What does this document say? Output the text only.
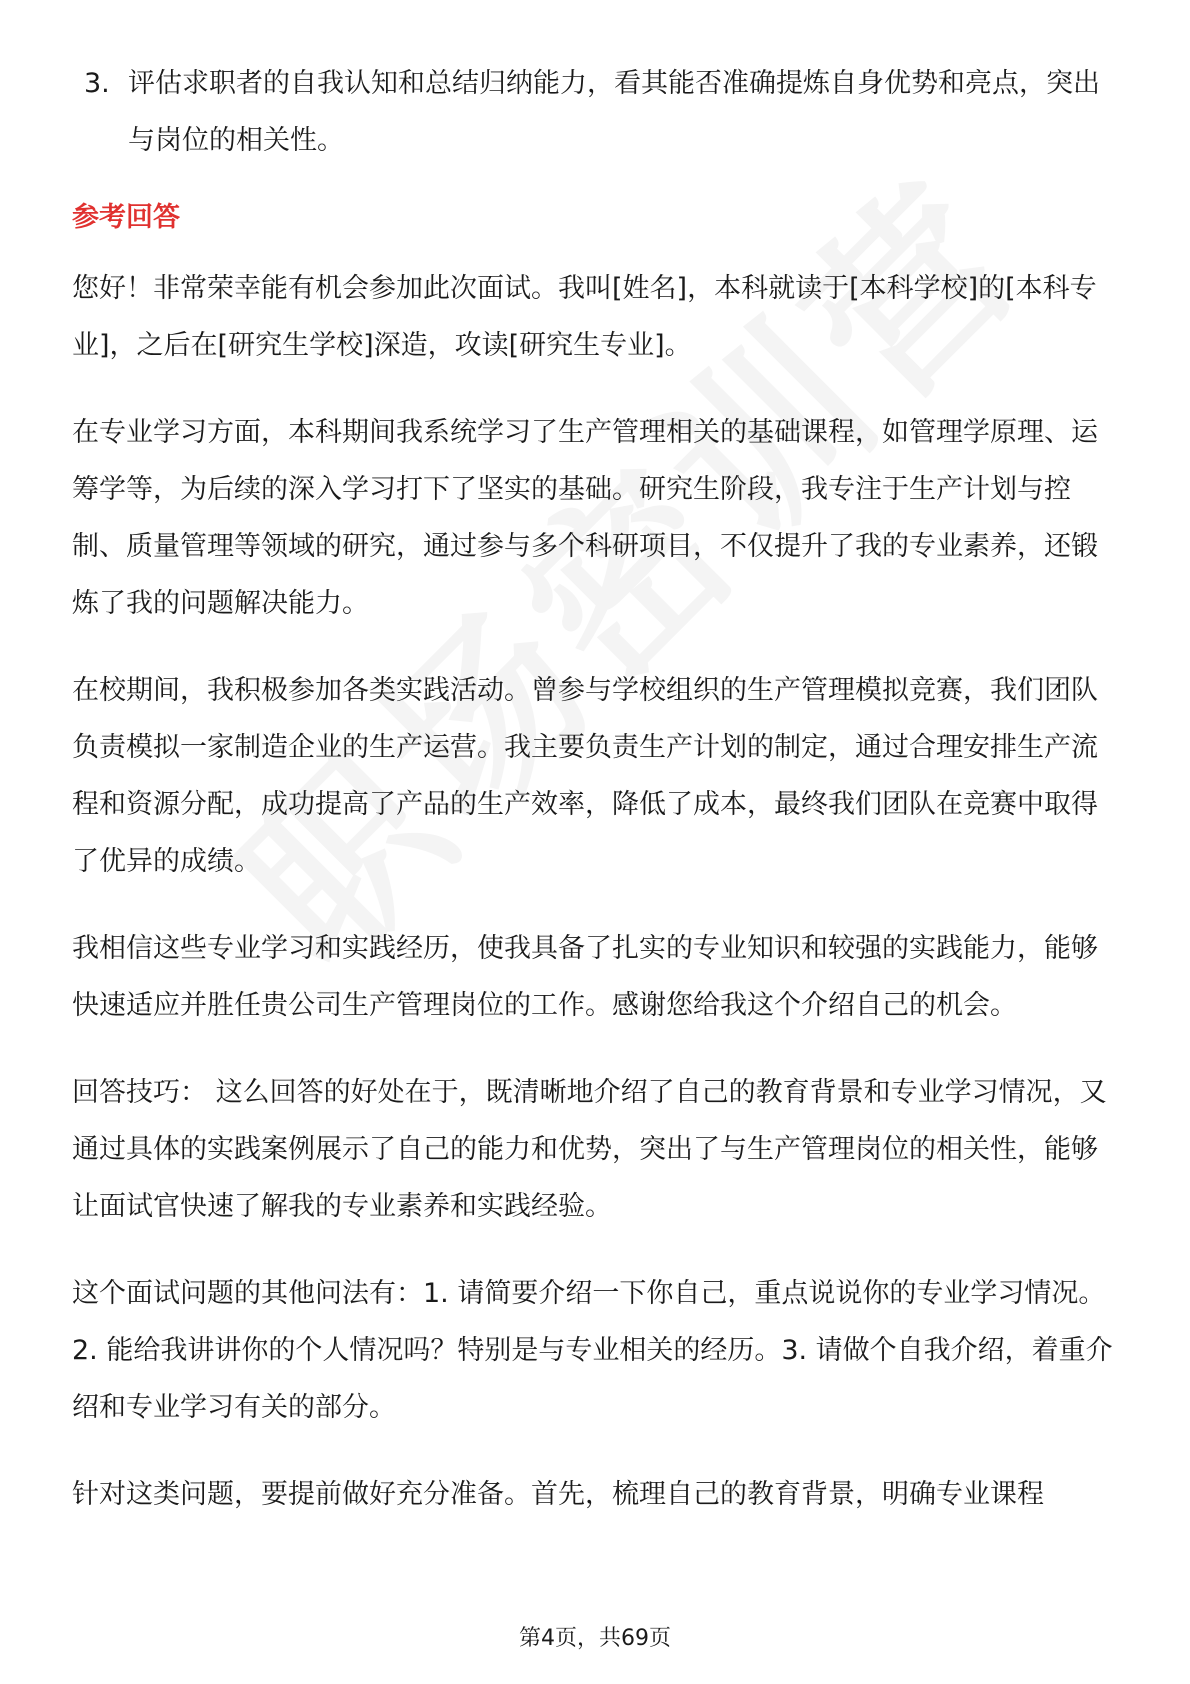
3. 评估求职者的自我认知和总结归纳能力，看其能否准确提炼自身优势和亮点，突出与岗位的相关性。
参考回答

您好！非常荣幸能有机会参加此次面试。我叫[姓名]，本科就读于[本科学校]的[本科专业]，之后在[研究生学校]深造，攻读[研究生专业]。

在专业学习方面，本科期间我系统学习了生产管理相关的基础课程，如管理学原理、运筹学等，为后续的深入学习打下了坚实的基础。研究生阶段，我专注于生产计划与控制、质量管理等领域的研究，通过参与多个科研项目，不仅提升了我的专业素养，还锻炼了我的问题解决能力。

在校期间，我积极参加各类实践活动。曾参与学校组织的生产管理模拟竞赛，我们团队负责模拟一家制造企业的生产运营。我主要负责生产计划的制定，通过合理安排生产流程和资源分配，成功提高了产品的生产效率，降低了成本，最终我们团队在竞赛中取得了优异的成绩。

我相信这些专业学习和实践经历，使我具备了扎实的专业知识和较强的实践能力，能够快速适应并胜任贵公司生产管理岗位的工作。感谢您给我这个介绍自己的机会。

回答技巧： 这么回答的好处在于，既清晰地介绍了自己的教育背景和专业学习情况，又通过具体的实践案例展示了自己的能力和优势，突出了与生产管理岗位的相关性，能够让面试官快速了解我的专业素养和实践经验。

这个面试问题的其他问法有：1. 请简要介绍一下你自己，重点说说你的专业学习情况。2. 能给我讲讲你的个人情况吗？特别是与专业相关的经历。3. 请做个自我介绍，着重介绍和专业学习有关的部分。

针对这类问题，要提前做好充分准备。首先，梳理自己的教育背景，明确专业课程

第4页，共69页
